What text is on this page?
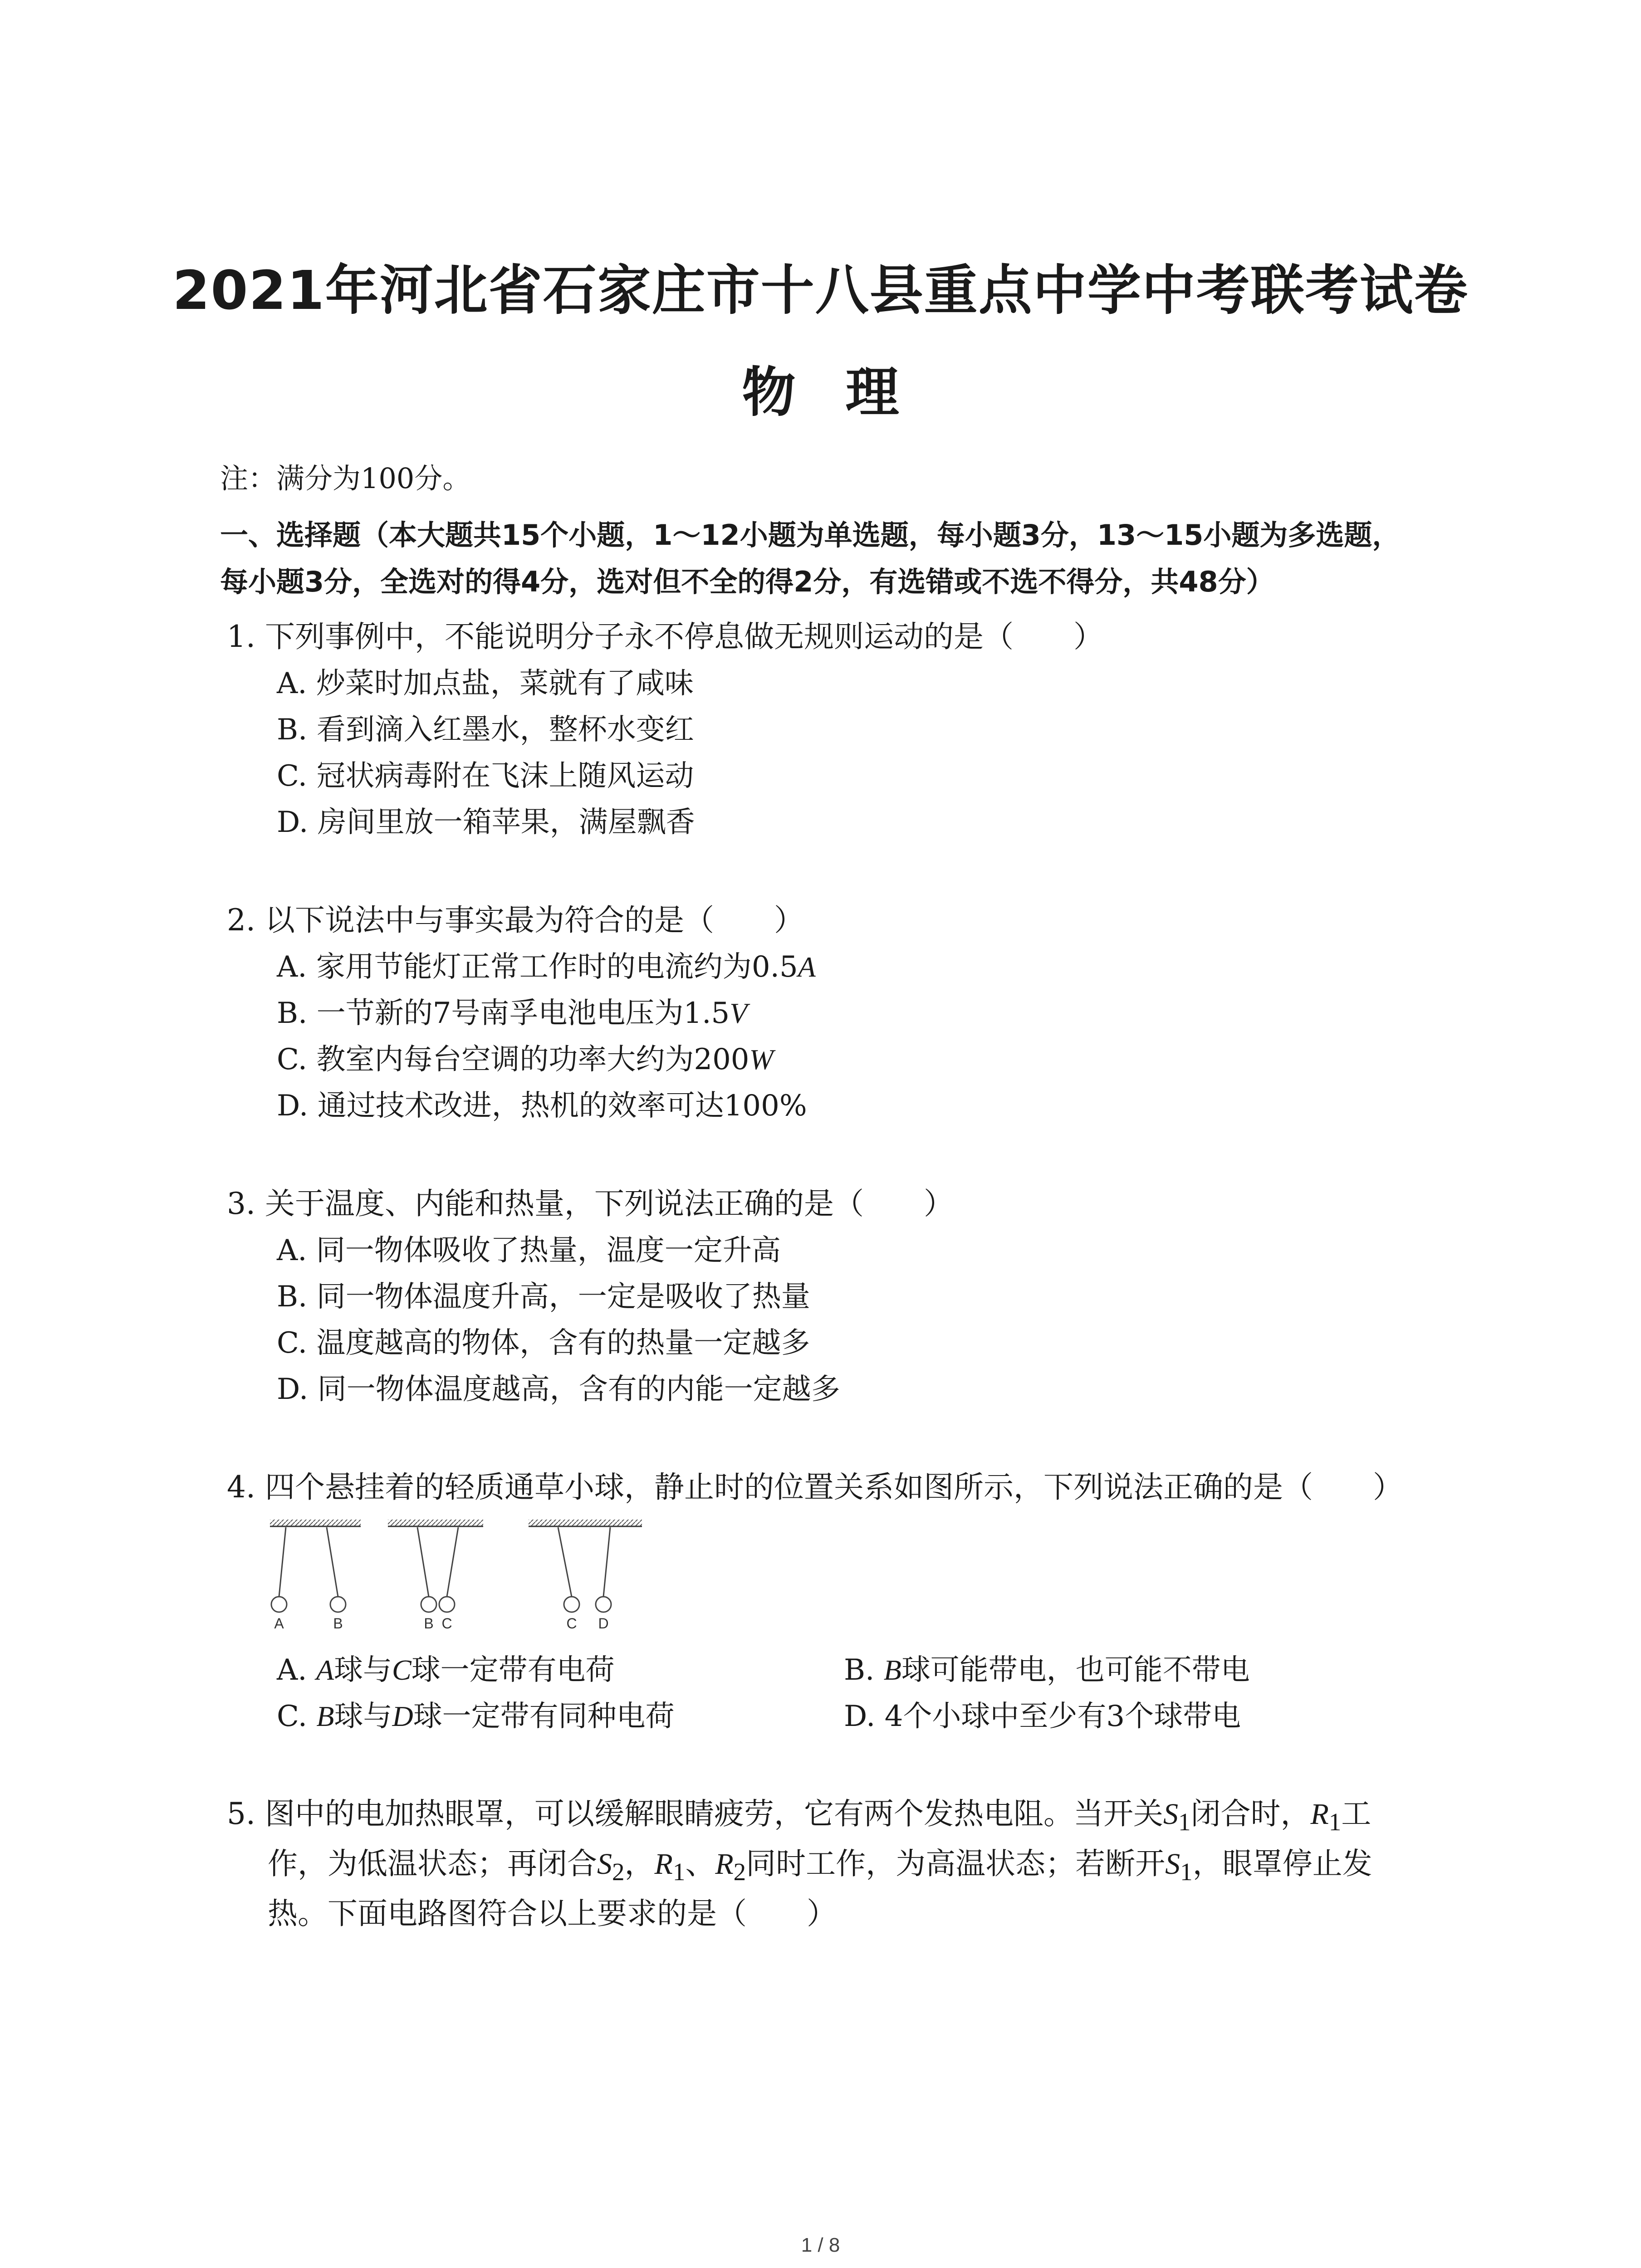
2021年河北省石家庄市十八县重点中学中考联考试卷
物理
注：满分为100分。
一、选择题（本大题共15个小题，1～12小题为单选题，每小题3分，13～15小题为多选题，
每小题3分，全选对的得4分，选对但不全的得2分，有选错或不选不得分，共48分）
1. 下列事例中，不能说明分子永不停息做无规则运动的是（　　）
A. 炒菜时加点盐，菜就有了咸味
B. 看到滴入红墨水，整杯水变红
C. 冠状病毒附在飞沫上随风运动
D. 房间里放一箱苹果，满屋飘香
2. 以下说法中与事实最为符合的是（　　）
A. 家用节能灯正常工作时的电流约为0.5A
B. 一节新的7号南孚电池电压为1.5V
C. 教室内每台空调的功率大约为200W
D. 通过技术改进，热机的效率可达100%
3. 关于温度、内能和热量，下列说法正确的是（　　）
A. 同一物体吸收了热量，温度一定升高
B. 同一物体温度升高，一定是吸收了热量
C. 温度越高的物体，含有的热量一定越多
D. 同一物体温度越高，含有的内能一定越多
4. 四个悬挂着的轻质通草小球，静止时的位置关系如图所示，下列说法正确的是（　　）
A	B	B C	C D
A. A球与C球一定带有电荷	B. B球可能带电，也可能不带电
C. B球与D球一定带有同种电荷	D. 4个小球中至少有3个球带电
5. 图中的电加热眼罩，可以缓解眼睛疲劳，它有两个发热电阻。当开关$S_1$闭合时，$R_1$工
作，为低温状态；再闭合$S_2$，$R_1$、$R_2$同时工作，为高温状态；若断开$S_1$，眼罩停止发
热。下面电路图符合以上要求的是（　　）
1 / 8
